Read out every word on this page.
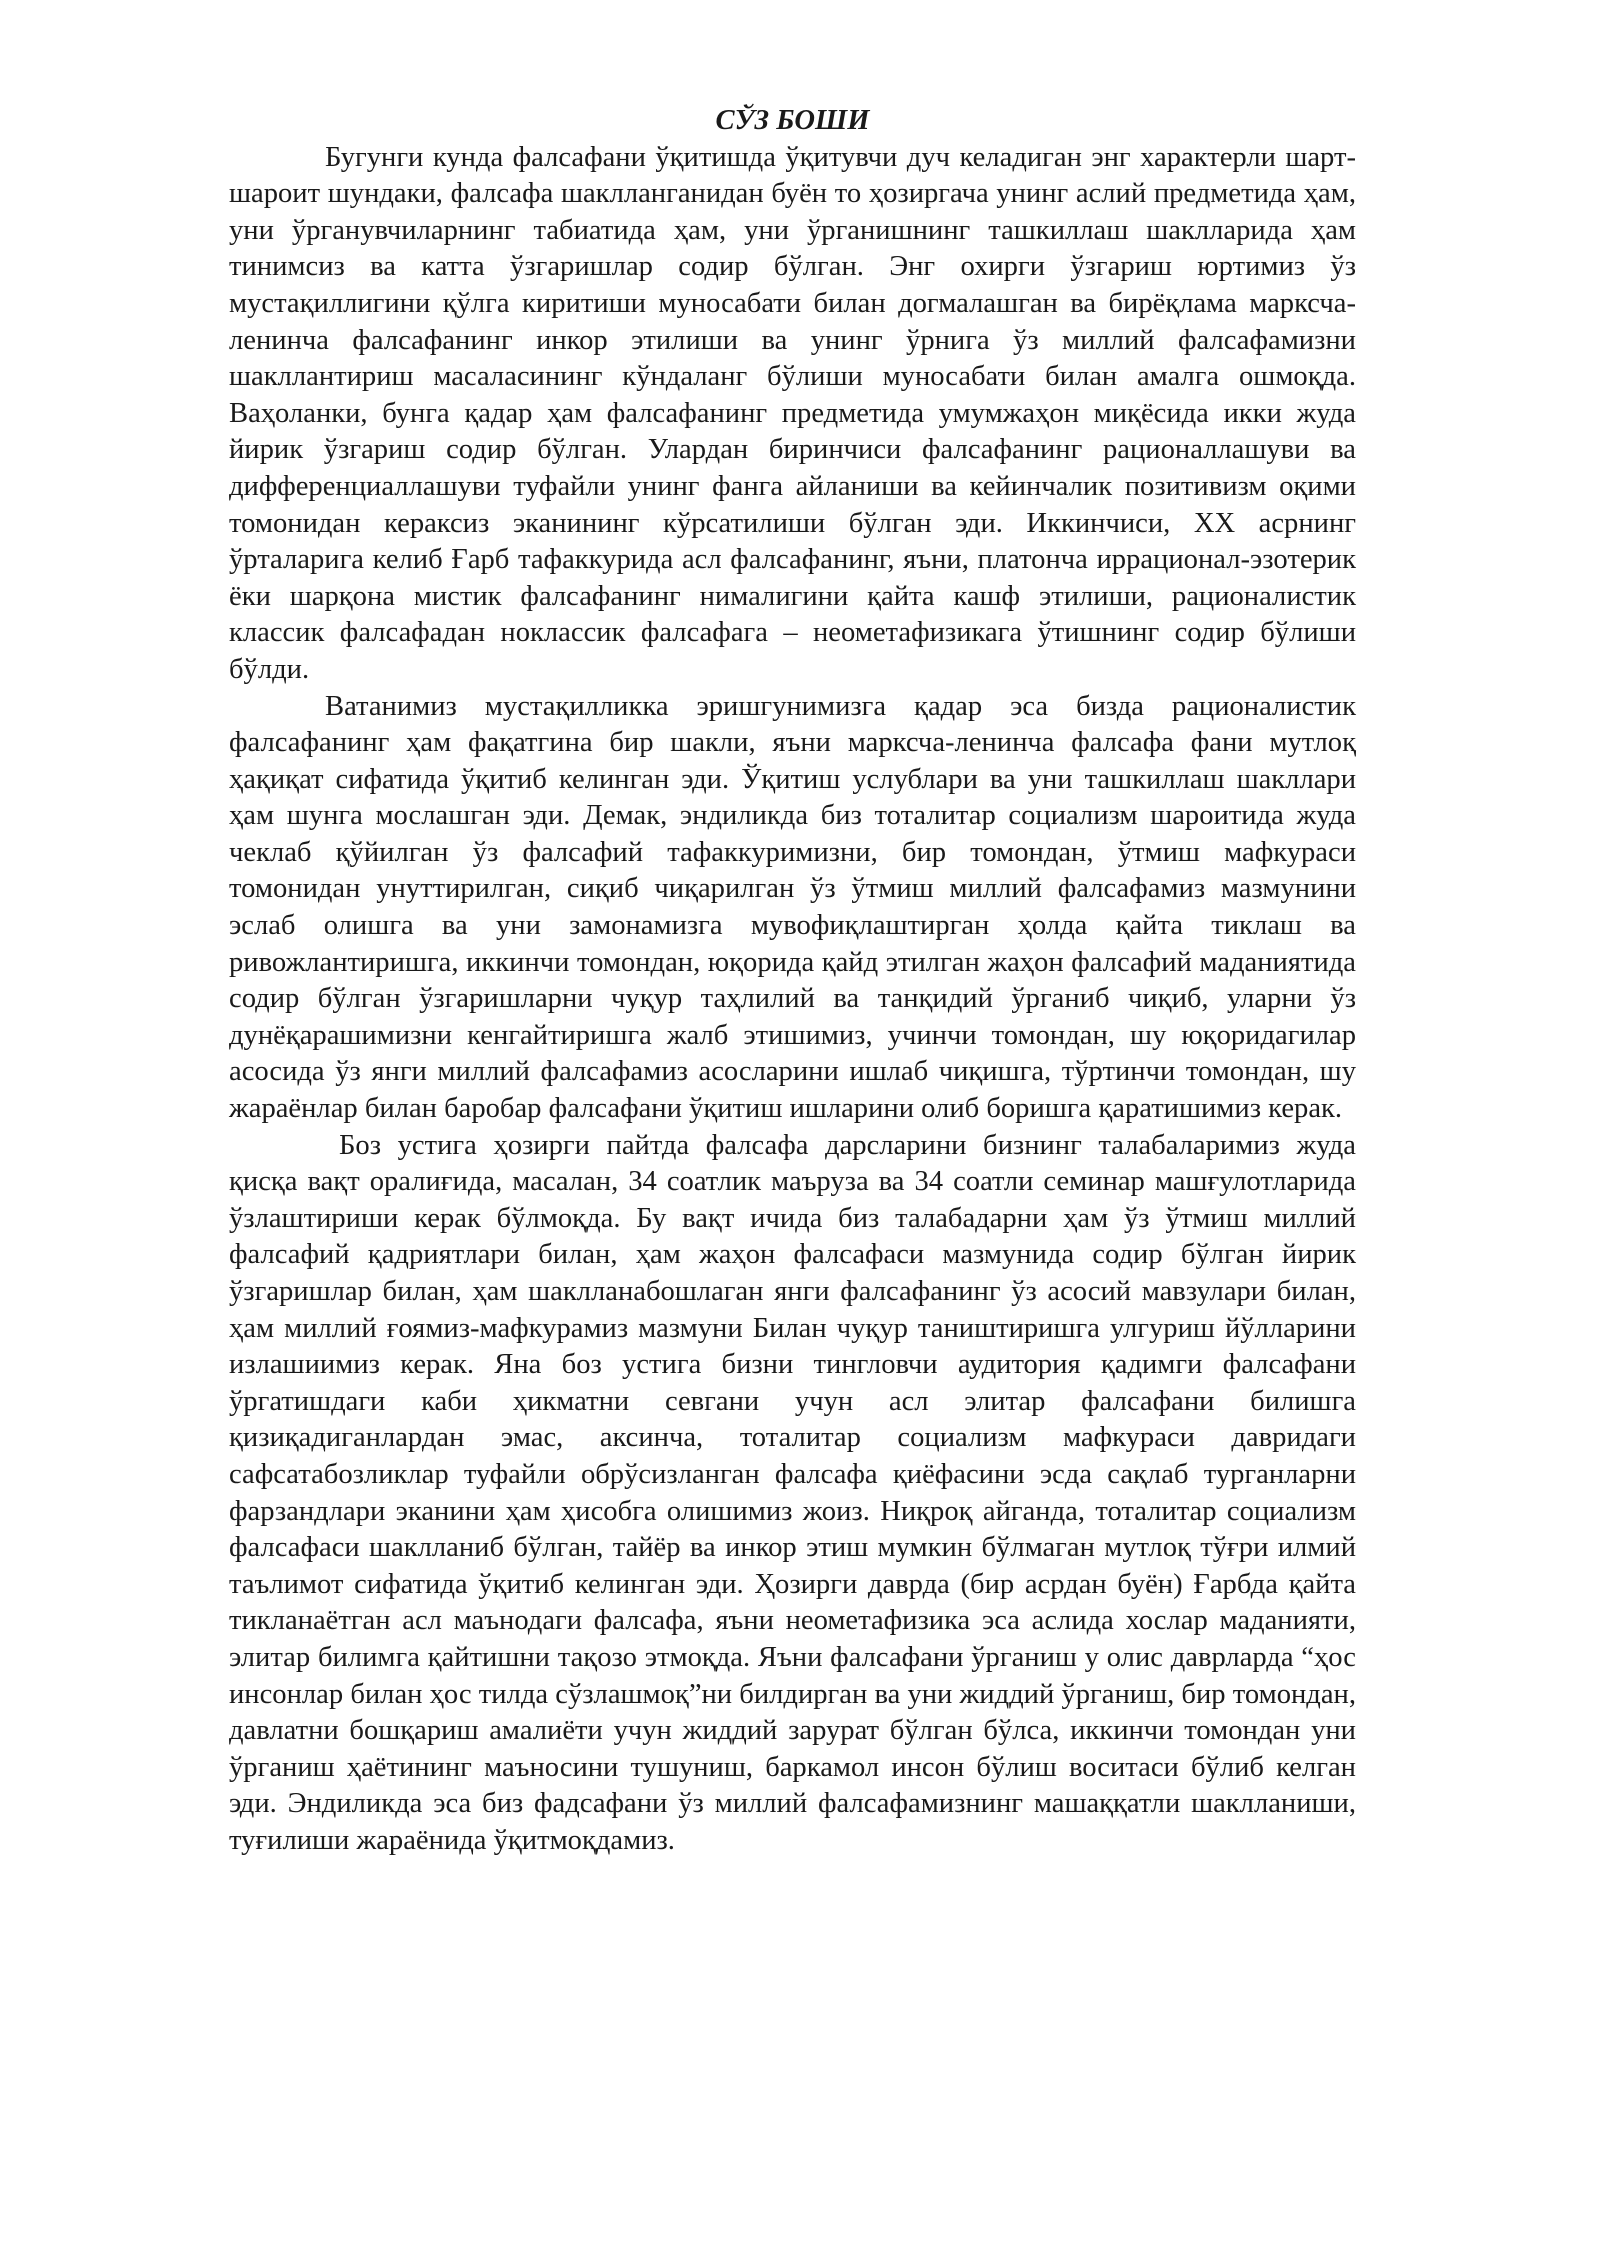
СЎЗ БОШИ

Бугунги кунда фалсафани ўқитишда ўқитувчи дуч келадиган энг характерли шарт-шароит шундаки, фалсафа шаклланганидан буён то ҳозиргача унинг аслий предметида ҳам, уни ўрганувчиларнинг табиатида ҳам, уни ўрганишнинг ташкиллаш шаклларида ҳам тинимсиз ва катта ўзгаришлар содир бўлган. Энг охирги ўзгариш юртимиз ўз мустақиллигини қўлга киритиши муносабати билан догмалашган ва бирёқлама марксча-ленинча фалсафанинг инкор этилиши ва унинг ўрнига ўз миллий фалсафамизни шакллантириш масаласининг кўндаланг бўлиши муносабати билан амалга ошмоқда. Ваҳоланки, бунга қадар ҳам фалсафанинг предметида умумжаҳон миқёсида икки жуда йирик ўзгариш содир бўлган. Улардан биринчиси фалсафанинг рационаллашуви ва дифференциаллашуви туфайли унинг фанга айланиши ва кейинчалик позитивизм оқими томонидан кераксиз эканининг кўрсатилиши бўлган эди. Иккинчиси, ХХ асрнинг ўрталарига келиб Ғарб тафаккурида асл фалсафанинг, яъни, платонча иррационал-эзотерик ёки шарқона мистик фалсафанинг нималигини қайта кашф этилиши, рационалистик классик фалсафадан ноклассик фалсафага – неометафизикага ўтишнинг содир бўлиши бўлди.

Ватанимиз мустақилликка эришгунимизга қадар эса бизда рационалистик фалсафанинг ҳам фақатгина бир шакли, яъни марксча-ленинча фалсафа фани мутлоқ ҳақиқат сифатида ўқитиб келинган эди. Ўқитиш услублари ва уни ташкиллаш шакллари ҳам шунга мослашган эди. Демак, эндиликда биз тоталитар социализм шароитида жуда чеклаб қўйилган ўз фалсафий тафаккуримизни, бир томондан, ўтмиш мафкураси томонидан унуттирилган, сиқиб чиқарилган ўз ўтмиш миллий фалсафамиз мазмунини эслаб олишга ва уни замонамизга мувофиқлаштирган ҳолда қайта тиклаш ва ривожлантиришга, иккинчи томондан, юқорида қайд этилган жаҳон фалсафий маданиятида содир бўлган ўзгаришларни чуқур таҳлилий ва танқидий ўрганиб чиқиб, уларни ўз дунёқарашимизни кенгайтиришга жалб этишимиз, учинчи томондан, шу юқоридагилар асосида ўз янги миллий фалсафамиз асосларини ишлаб чиқишга, тўртинчи томондан, шу жараёнлар билан баробар фалсафани ўқитиш ишларини олиб боришга қаратишимиз керак.

Боз устига ҳозирги пайтда фалсафа дарсларини бизнинг талабаларимиз жуда қисқа вақт оралиғида, масалан, 34 соатлик маъруза ва 34 соатли семинар машғулотларида ўзлаштириши керак бўлмоқда. Бу вақт ичида биз талабадарни ҳам ўз ўтмиш миллий фалсафий қадриятлари билан, ҳам жаҳон фалсафаси мазмунида содир бўлган йирик ўзгаришлар билан, ҳам шаклланабошлаган янги фалсафанинг ўз асосий мавзулари билан, ҳам миллий ғоямиз-мафкурамиз мазмуни Билан чуқур таништиришга улгуриш йўлларини излашиимиз керак. Яна боз устига бизни тингловчи аудитория қадимги фалсафани ўргатишдаги каби ҳикматни севгани учун асл элитар фалсафани билишга қизиқадиганлардан эмас, аксинча, тоталитар социализм мафкураси давридаги сафсатабозликлар туфайли обрўсизланган фалсафа қиёфасини эсда сақлаб турганларни фарзандлари эканини ҳам ҳисобга олишимиз жоиз. Ниқроқ айганда, тоталитар социализм фалсафаси шаклланиб бўлган, тайёр ва инкор этиш мумкин бўлмаган мутлоқ тўғри илмий таълимот сифатида ўқитиб келинган эди. Ҳозирги даврда (бир асрдан буён) Ғарбда қайта тикланаётган асл маънодаги фалсафа, яъни неометафизика эса аслида хослар маданияти, элитар билимга қайтишни тақозо этмоқда. Яъни фалсафани ўрганиш у олис даврларда “ҳос инсонлар билан ҳос тилда сўзлашмоқ”ни билдирган ва уни жиддий ўрганиш, бир томондан, давлатни бошқариш амалиёти учун жиддий зарурат бўлган бўлса, иккинчи томондан уни ўрганиш ҳаётининг маъносини тушуниш, баркамол инсон бўлиш воситаси бўлиб келган эди. Эндиликда эса биз фадсафани ўз миллий фалсафамизнинг машаққатли шаклланиши, туғилиши жараёнида ўқитмоқдамиз.
